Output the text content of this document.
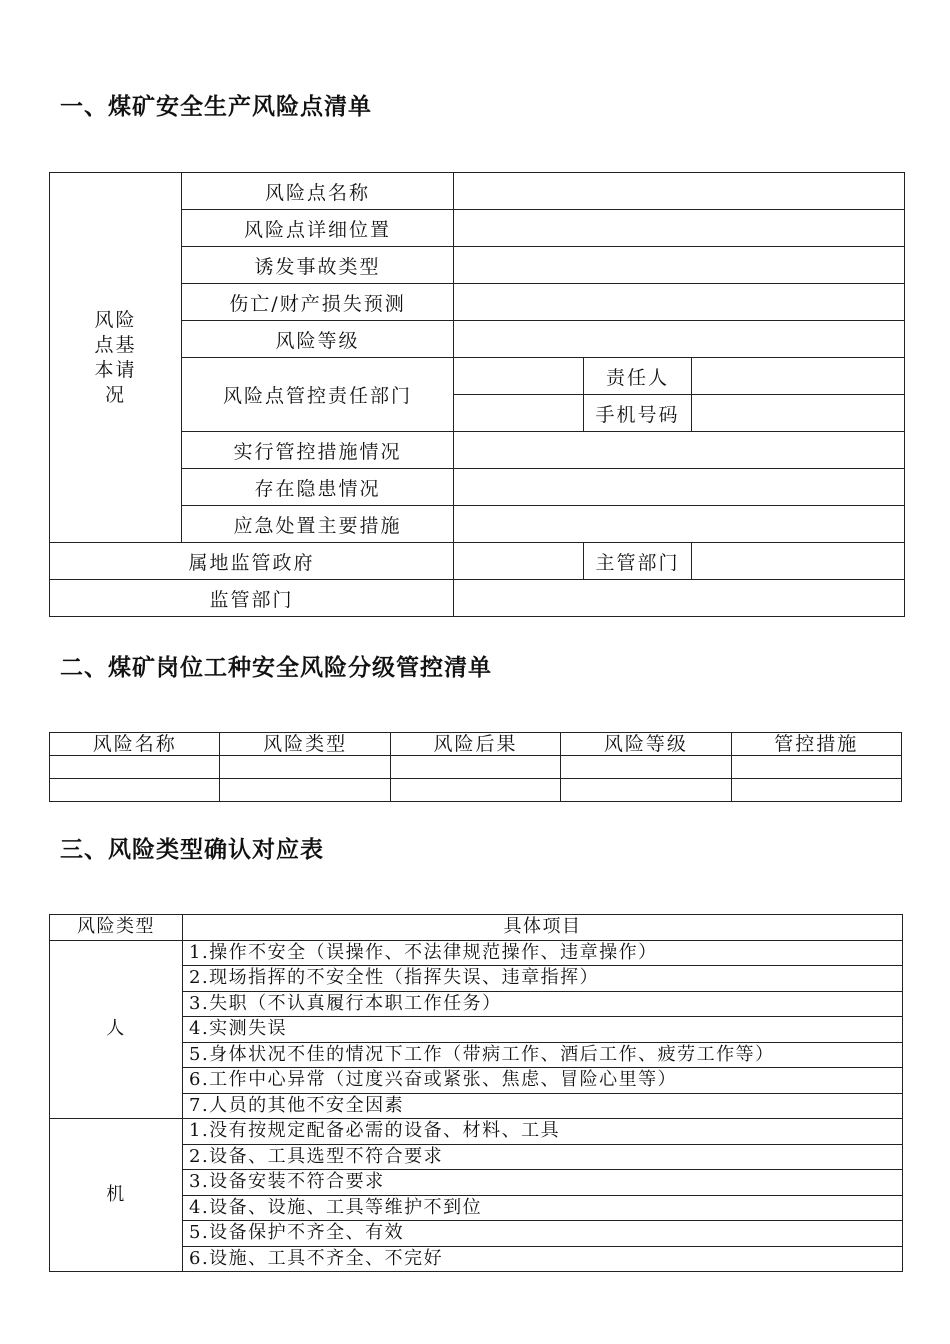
一、煤矿安全生产风险点清单
风险
点基
本请
况	风险点名称			
	风险点详细位置			
	诱发事故类型			
	伤亡/财产损失预测			
	风险等级			
	风险点管控责任部门		责任人	
			手机号码	
	实行管控措施情况			
	存在隐患情况			
	应急处置主要措施			
属地监管政府			主管部门	
监管部门				
二、煤矿岗位工种安全风险分级管控清单
风险名称	风险类型	风险后果	风险等级	管控措施

三、风险类型确认对应表
风险类型	具体项目
人	1.操作不安全（误操作、不法律规范操作、违章操作）
	2.现场指挥的不安全性（指挥失误、违章指挥）
	3.失职（不认真履行本职工作任务）
	4.实测失误
	5.身体状况不佳的情况下工作（带病工作、酒后工作、疲劳工作等）
	6.工作中心异常（过度兴奋或紧张、焦虑、冒险心里等）
	7.人员的其他不安全因素
机	1.没有按规定配备必需的设备、材料、工具
	2.设备、工具选型不符合要求
	3.设备安装不符合要求
	4.设备、设施、工具等维护不到位
	5.设备保护不齐全、有效
	6.设施、工具不齐全、不完好
